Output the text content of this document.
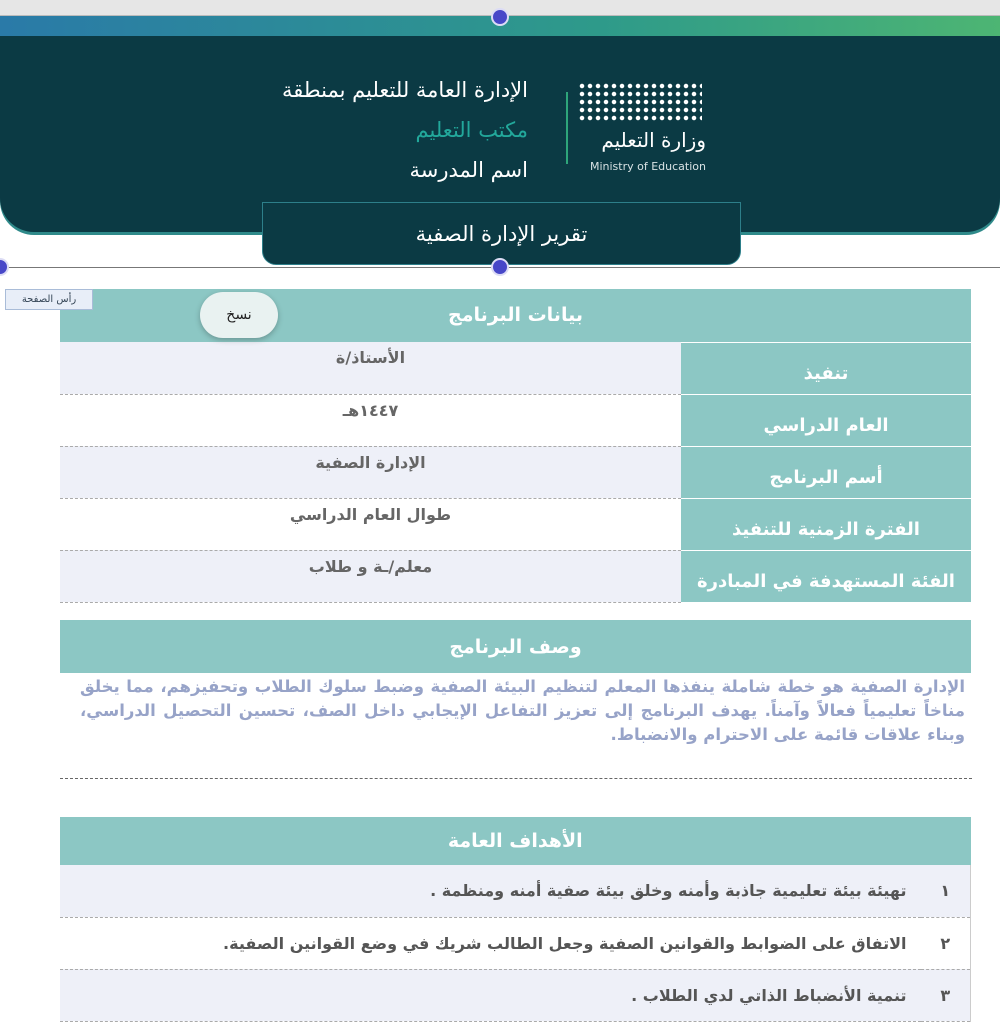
الإدارة العامة للتعليم بمنطقة
مكتب التعليم
اسم المدرسة
وزارة التعليم
Ministry of Education
تقرير الإدارة الصفية
بيانات البرنامج	
تنفيذ	الأستاذ/ة
العام الدراسي	١٤٤٧هـ
أسم البرنامج	الإدارة الصفية
الفترة الزمنية للتنفيذ	طوال العام الدراسي
الفئة المستهدفة في المبادرة	معلم/ـة و طلاب
رأس الصفحة
نسخ
وصف البرنامج
الإدارة الصفية هو خطة شاملة ينفذها المعلم لتنظيم البيئة الصفية وضبط سلوك الطلاب وتحفيزهم، مما يخلق مناخاً تعليمياً فعالاً وآمناً. يهدف البرنامج إلى تعزيز التفاعل الإيجابي داخل الصف، تحسين التحصيل الدراسي، وبناء علاقات قائمة على الاحترام والانضباط.
الأهداف العامة	
١	تهيئة بيئة تعليمية جاذبة وأمنه وخلق بيئة صفية أمنه ومنظمة .
٢	الاتفاق على الضوابط والقوانين الصفية وجعل الطالب شريك في وضع القوانين الصفية.
٣	تنمية الأنضباط الذاتي لدي الطلاب .
